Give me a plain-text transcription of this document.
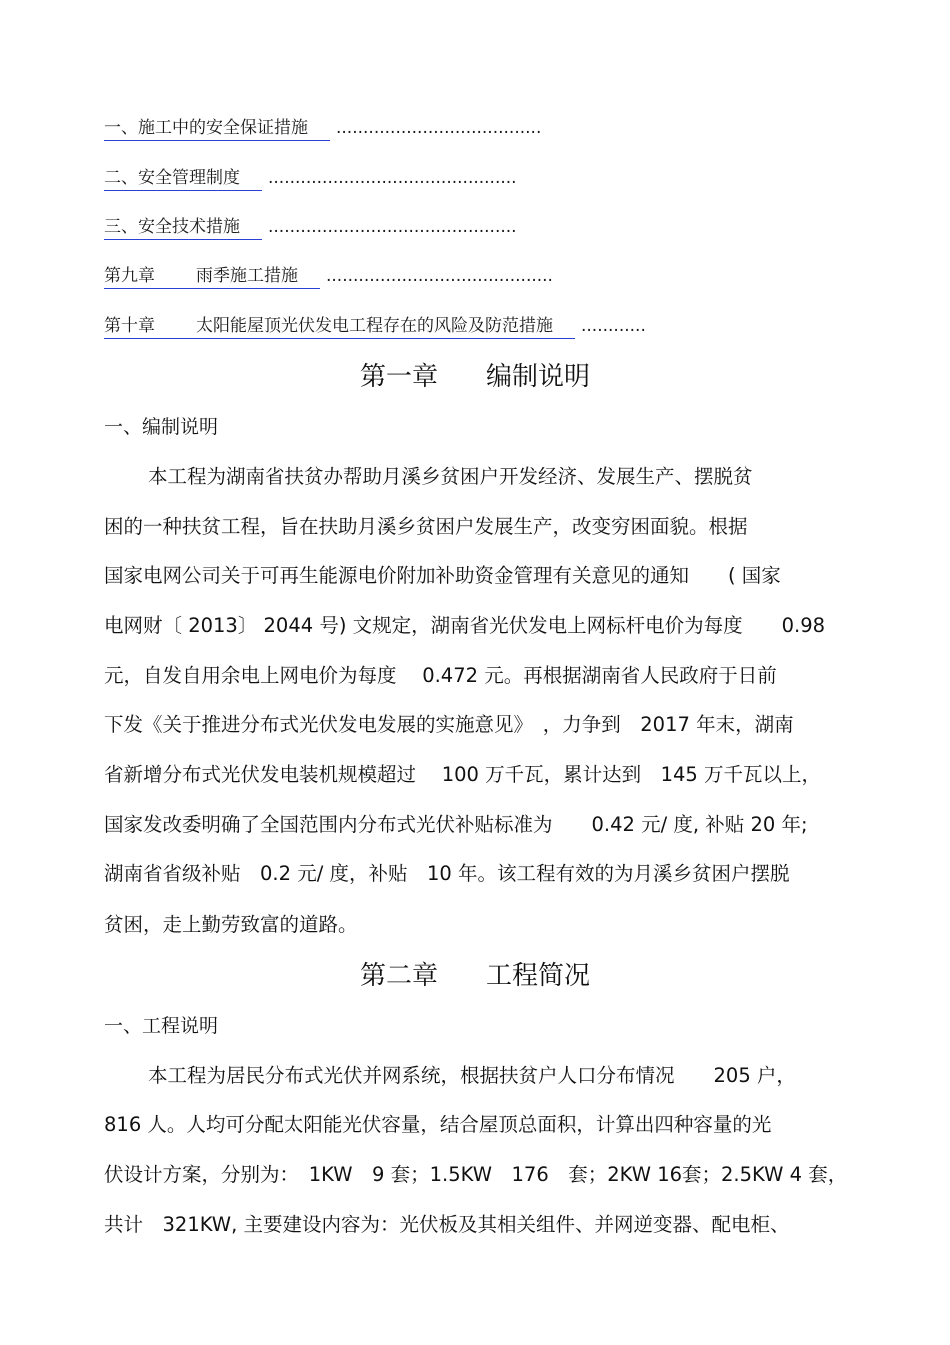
一、施工中的安全保证措施 ......................................
二、安全管理制度 ..............................................
三、安全技术措施 ..............................................
第九章 雨季施工措施 ..........................................
第十章 太阳能屋顶光伏发电工程存在的风险及防范措施 ............
第一章 编制说明
一、编制说明
本工程为湖南省扶贫办帮助月溪乡贫困户开发经济、发展生产、摆脱贫
困的一种扶贫工程，旨在扶助月溪乡贫困户发展生产，改变穷困面貌。根据
国家电网公司关于可再生能源电价附加补助资金管理有关意见的通知　　( 国家
电网财〔 2013〕 2044 号) 文规定，湖南省光伏发电上网标杆电价为每度　　0.98
元，自发自用余电上网电价为每度　 0.472 元。再根据湖南省人民政府于日前
下发《关于推进分布式光伏发电发展的实施意见》　，力争到　2017 年末，湖南
省新增分布式光伏发电装机规模超过　 100 万千瓦，累计达到　145 万千瓦以上，
国家发改委明确了全国范围内分布式光伏补贴标准为　　0.42 元/ 度, 补贴 20 年;
湖南省省级补贴　0.2 元/ 度，补贴　10 年。该工程有效的为月溪乡贫困户摆脱
贫困，走上勤劳致富的道路。
第二章 工程简况
一、工程说明
本工程为居民分布式光伏并网系统，根据扶贫户人口分布情况　　205 户，
816 人。人均可分配太阳能光伏容量，结合屋顶总面积，计算出四种容量的光
伏设计方案，分别为：　1KW　9 套；1.5KW　176　套；2KW 16套；2.5KW 4 套，
共计　321KW, 主要建设内容为：光伏板及其相关组件、并网逆变器、配电柜、
